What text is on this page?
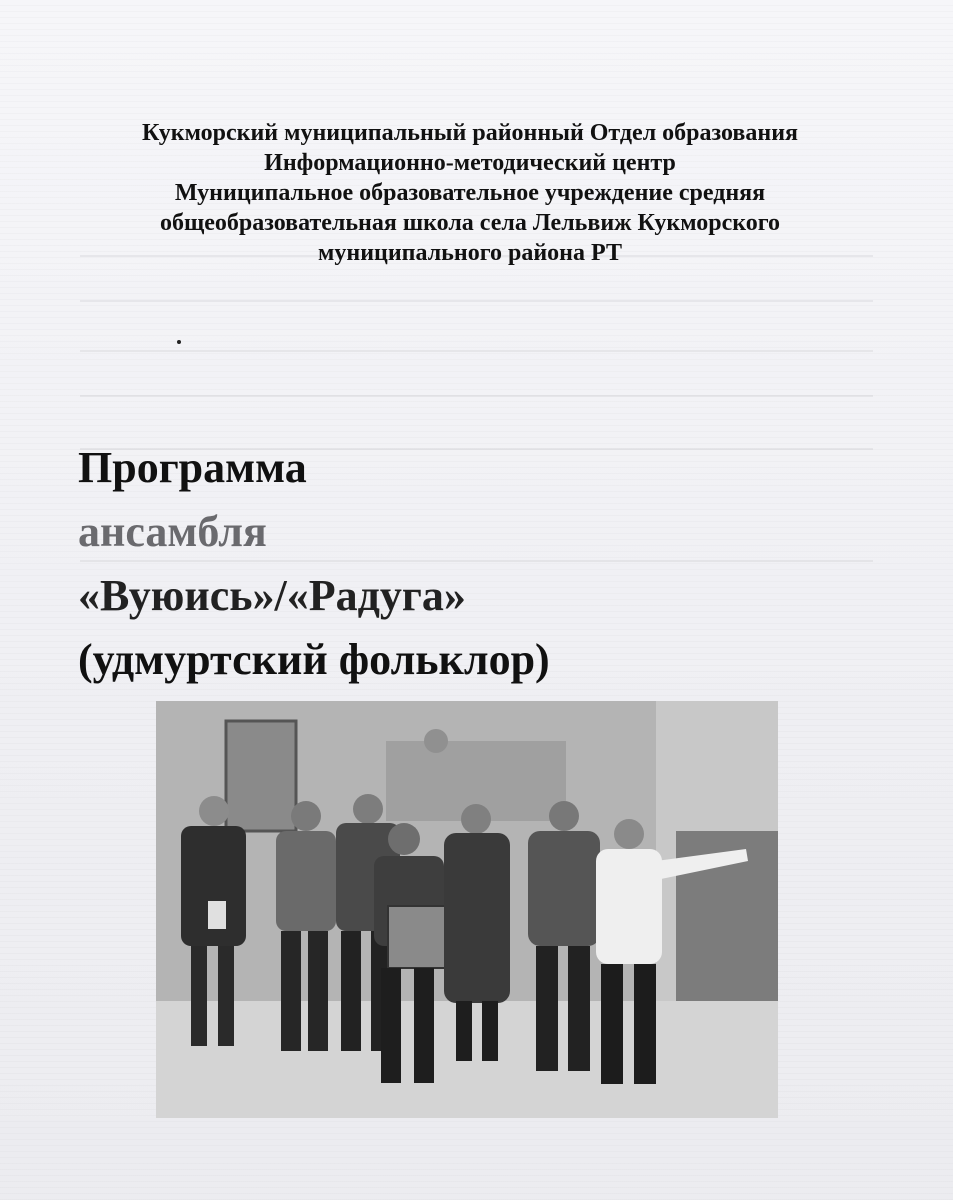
Кукморский муниципальный районный Отдел образования
Информационно-методический центр
Муниципальное образовательное учреждение средняя
общеобразовательная школа села Лельвиж Кукморского
муниципального района РТ
Программа
ансамбля
«Вуюись»/«Радуга»
(удмуртский фольклор)
